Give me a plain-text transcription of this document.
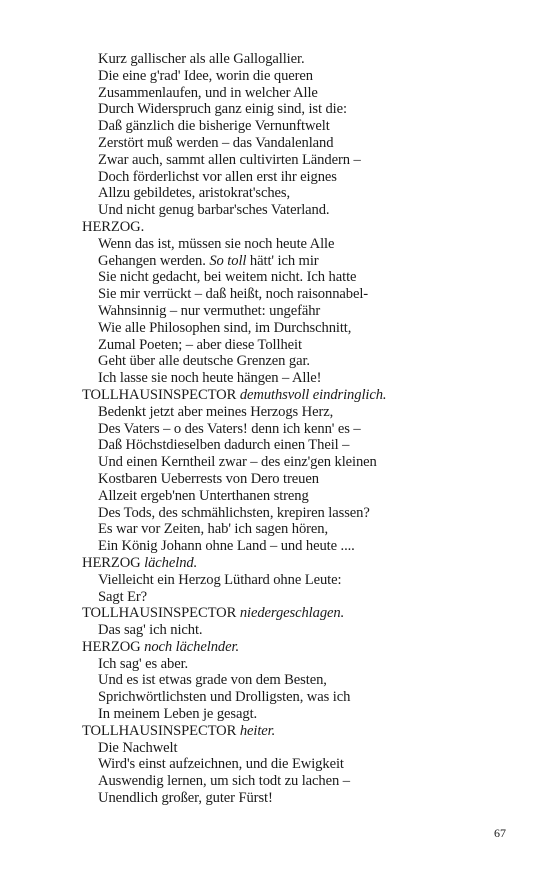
Kurz gallischer als alle Gallogallier.
Die eine g'rad' Idee, worin die queren
Zusammenlaufen, und in welcher Alle
Durch Widerspruch ganz einig sind, ist die:
Daß gänzlich die bisherige Vernunftwelt
Zerstört muß werden – das Vandalenland
Zwar auch, sammt allen cultivirten Ländern –
Doch förderlichst vor allen erst ihr eignes
Allzu gebildetes, aristokrat'sches,
Und nicht genug barbar'sches Vaterland.
HERZOG.
Wenn das ist, müssen sie noch heute Alle
Gehangen werden. So toll hätt' ich mir
Sie nicht gedacht, bei weitem nicht. Ich hatte
Sie mir verrückt – daß heißt, noch raisonnabel-
Wahnsinnig – nur vermuthet: ungefähr
Wie alle Philosophen sind, im Durchschnitt,
Zumal Poeten; – aber diese Tollheit
Geht über alle deutsche Grenzen gar.
Ich lasse sie noch heute hängen – Alle!
TOLLHAUSINSPECTOR demuthsvoll eindringlich.
Bedenkt jetzt aber meines Herzogs Herz,
Des Vaters – o des Vaters! denn ich kenn' es –
Daß Höchstdieselben dadurch einen Theil –
Und einen Kerntheil zwar – des einz'gen kleinen
Kostbaren Ueberrests von Dero treuen
Allzeit ergeb'nen Unterthanen streng
Des Tods, des schmählichsten, krepiren lassen?
Es war vor Zeiten, hab' ich sagen hören,
Ein König Johann ohne Land – und heute ....
HERZOG lächelnd.
Vielleicht ein Herzog Lüthard ohne Leute:
Sagt Er?
TOLLHAUSINSPECTOR niedergeschlagen.
Das sag' ich nicht.
HERZOG noch lächelnder.
Ich sag' es aber.
Und es ist etwas grade von dem Besten,
Sprichwörtlichsten und Drolligsten, was ich
In meinem Leben je gesagt.
TOLLHAUSINSPECTOR heiter.
Die Nachwelt
Wird's einst aufzeichnen, und die Ewigkeit
Auswendig lernen, um sich todt zu lachen –
Unendlich großer, guter Fürst!
67
